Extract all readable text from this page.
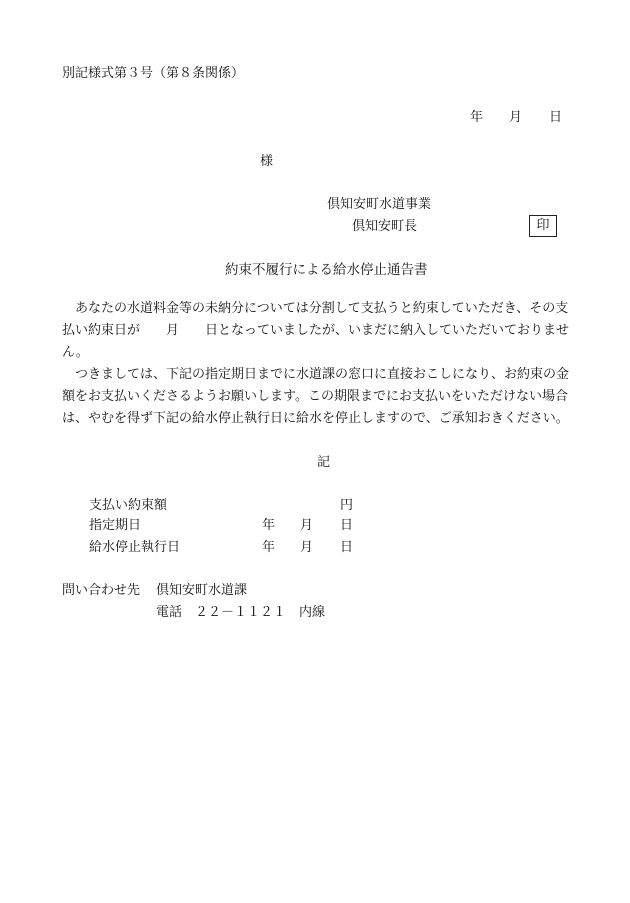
別記様式第３号（第８条関係）
年 月 日
様
倶知安町水道事業
倶知安町長	印
約束不履行による給水停止通告書
　あなたの水道料金等の未納分については分割して支払うと約束していただき、その支
払い約束日が　　月　　日となっていましたが、いまだに納入していただいておりませ
ん。
　つきましては、下記の指定期日までに水道課の窓口に直接おこしになり、お約束の金
額をお支払いくださるようお願いします。この期限までにお支払いをいただけない場合
は、やむを得ず下記の給水停止執行日に給水を停止しますので、ご承知おきください。
記
支払い約束額	円
指定期日	年 月 日
給水停止執行日	年 月 日
問い合わせ先 倶知安町水道課
電話　２２－１１２１　内線
